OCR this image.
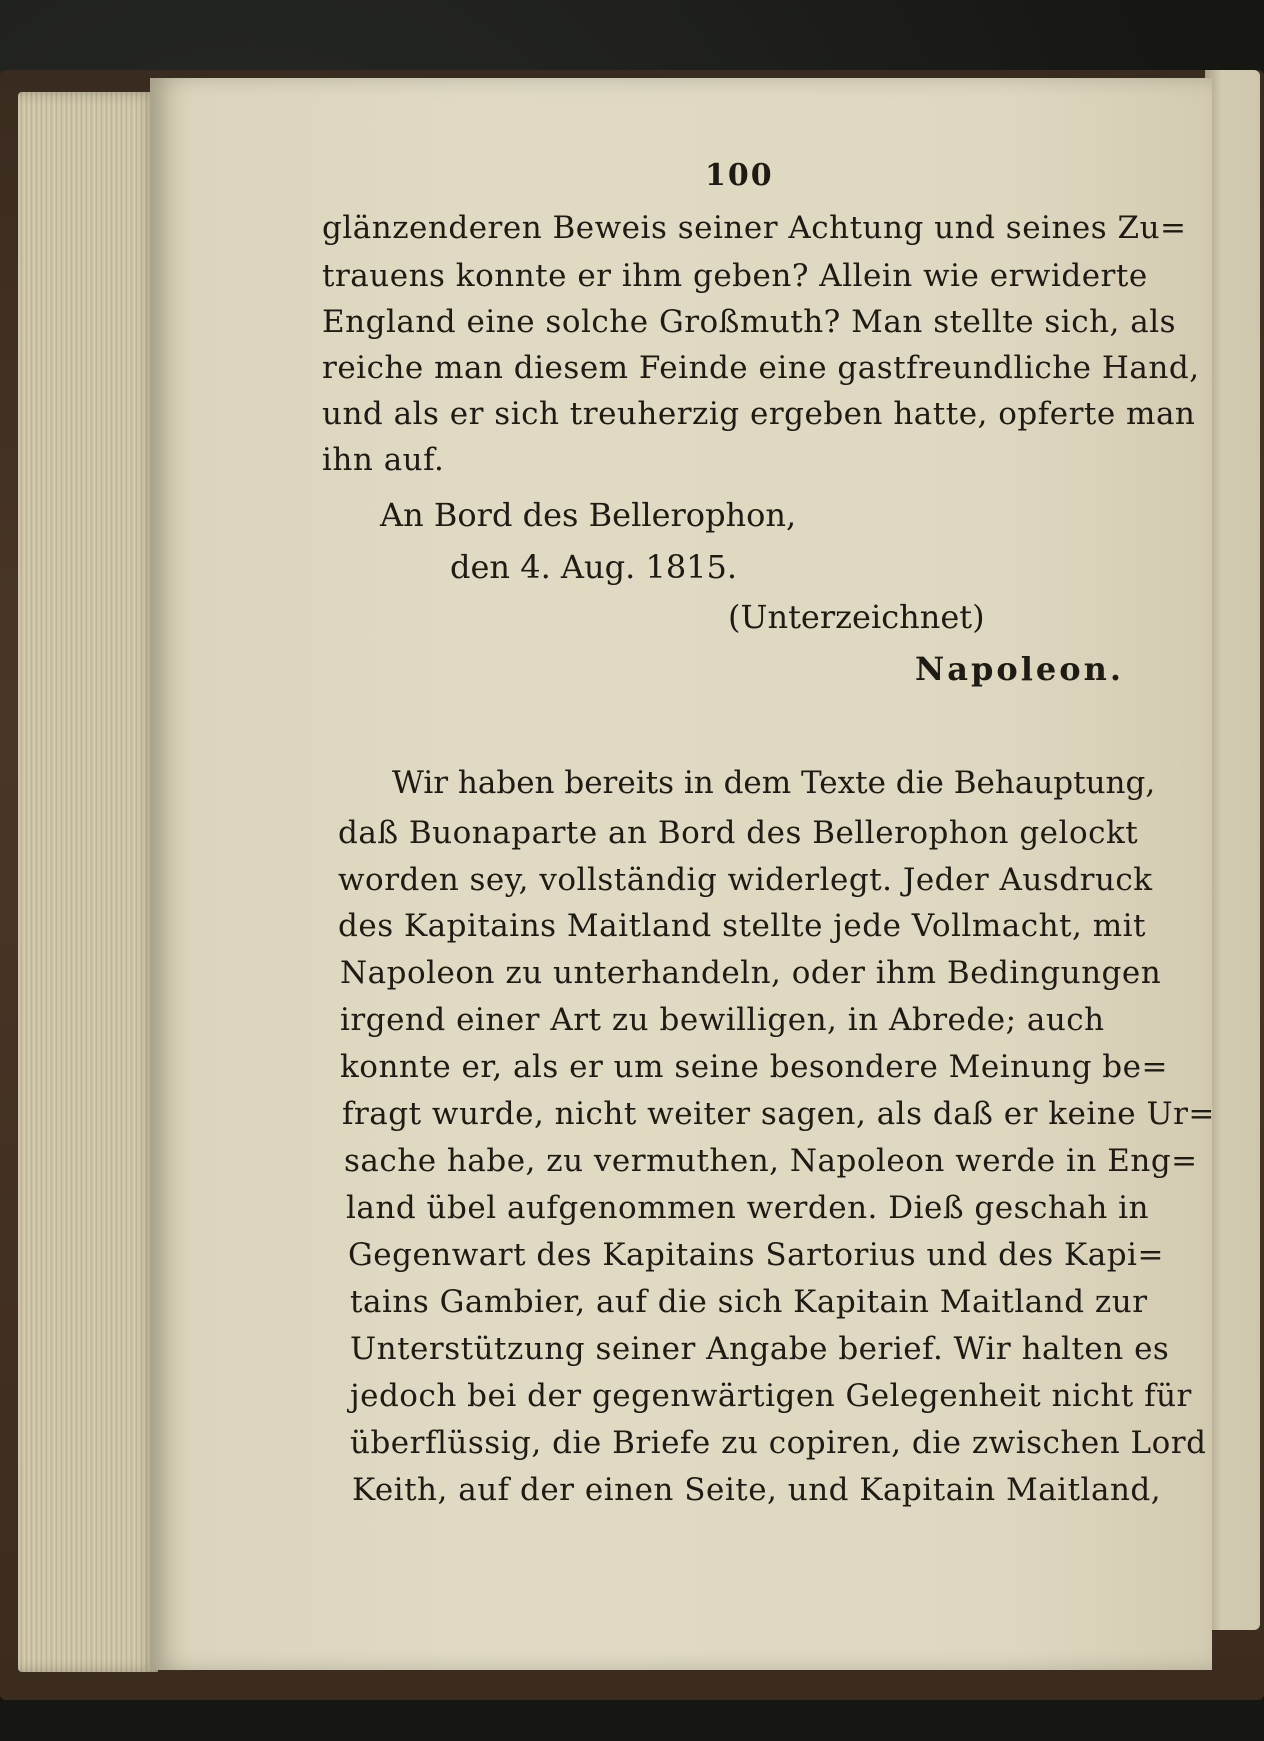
100
glänzenderen Beweis seiner Achtung und seines Zu=
trauens konnte er ihm geben? Allein wie erwiderte
England eine solche Großmuth? Man stellte sich, als
reiche man diesem Feinde eine gastfreundliche Hand,
und als er sich treuherzig ergeben hatte, opferte man
ihn auf.
An Bord des Bellerophon,
den 4. Aug. 1815.
(Unterzeichnet)
Napoleon.
Wir haben bereits in dem Texte die Behauptung,
daß Buonaparte an Bord des Bellerophon gelockt
worden sey, vollständig widerlegt. Jeder Ausdruck
des Kapitains Maitland stellte jede Vollmacht, mit
Napoleon zu unterhandeln, oder ihm Bedingungen
irgend einer Art zu bewilligen, in Abrede; auch
konnte er, als er um seine besondere Meinung be=
fragt wurde, nicht weiter sagen, als daß er keine Ur=
sache habe, zu vermuthen, Napoleon werde in Eng=
land übel aufgenommen werden. Dieß geschah in
Gegenwart des Kapitains Sartorius und des Kapi=
tains Gambier, auf die sich Kapitain Maitland zur
Unterstützung seiner Angabe berief. Wir halten es
jedoch bei der gegenwärtigen Gelegenheit nicht für
überflüssig, die Briefe zu copiren, die zwischen Lord
Keith, auf der einen Seite, und Kapitain Maitland,
